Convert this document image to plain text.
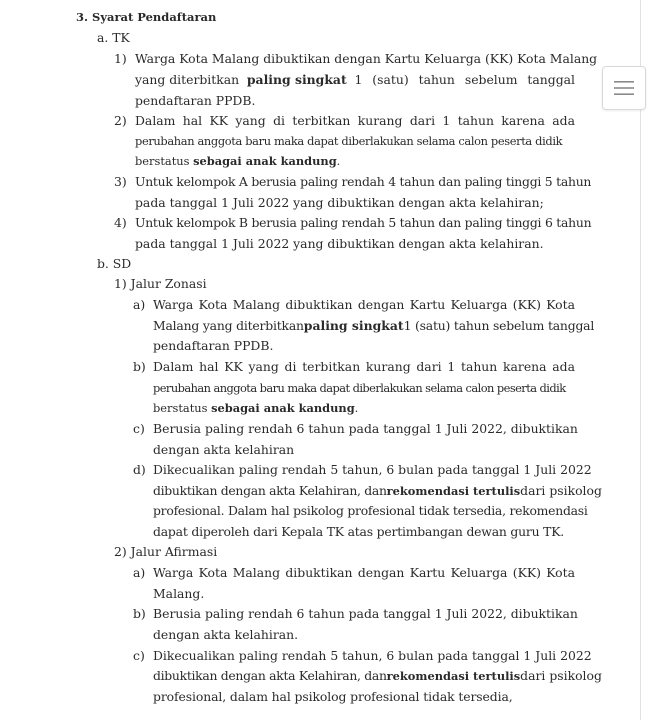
3. Syarat Pendaftaran
a. TK
1) Warga Kota Malang dibuktikan dengan Kartu Keluarga (KK) Kota Malang
yang diterbitkan paling singkat 1 (satu) tahun sebelum tanggal
pendaftaran PPDB.
2) Dalam hal KK yang di terbitkan kurang dari 1 tahun karena ada
perubahan anggota baru maka dapat diberlakukan selama calon peserta didik
berstatus sebagai anak kandung.
3) Untuk kelompok A berusia paling rendah 4 tahun dan paling tinggi 5 tahun
pada tanggal 1 Juli 2022 yang dibuktikan dengan akta kelahiran;
4) Untuk kelompok B berusia paling rendah 5 tahun dan paling tinggi 6 tahun
pada tanggal 1 Juli 2022 yang dibuktikan dengan akta kelahiran.
b. SD
1) Jalur Zonasi
a) Warga Kota Malang dibuktikan dengan Kartu Keluarga (KK) Kota
Malang yang diterbitkan paling singkat 1 (satu) tahun sebelum tanggal
pendaftaran PPDB.
b) Dalam hal KK yang di terbitkan kurang dari 1 tahun karena ada
perubahan anggota baru maka dapat diberlakukan selama calon peserta didik
berstatus sebagai anak kandung.
c) Berusia paling rendah 6 tahun pada tanggal 1 Juli 2022, dibuktikan
dengan akta kelahiran
d) Dikecualikan paling rendah 5 tahun, 6 bulan pada tanggal 1 Juli 2022
dibuktikan dengan akta Kelahiran, dan rekomendasi tertulis dari psikolog
profesional. Dalam hal psikolog profesional tidak tersedia, rekomendasi
dapat diperoleh dari Kepala TK atas pertimbangan dewan guru TK.
2) Jalur Afirmasi
a) Warga Kota Malang dibuktikan dengan Kartu Keluarga (KK) Kota
Malang.
b) Berusia paling rendah 6 tahun pada tanggal 1 Juli 2022, dibuktikan
dengan akta kelahiran.
c) Dikecualikan paling rendah 5 tahun, 6 bulan pada tanggal 1 Juli 2022
dibuktikan dengan akta Kelahiran, dan rekomendasi tertulis dari psikolog
profesional, dalam hal psikolog profesional tidak tersedia,
